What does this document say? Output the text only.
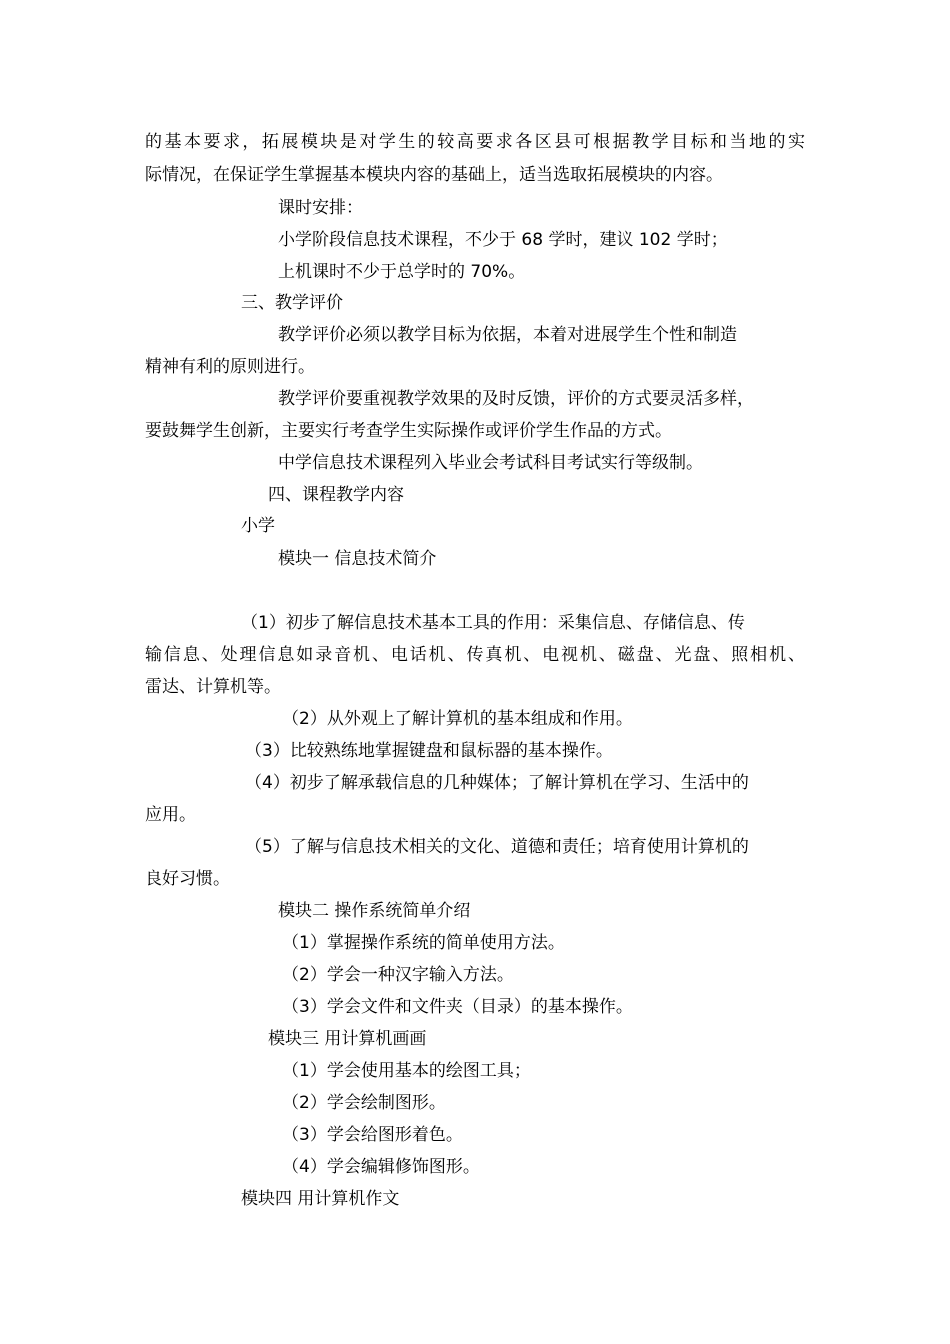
的基本要求，拓展模块是对学生的较高要求各区县可根据教学目标和当地的实
际情况，在保证学生掌握基本模块内容的基础上，适当选取拓展模块的内容。
课时安排：
小学阶段信息技术课程，不少于 68 学时，建议 102 学时；
上机课时不少于总学时的 70%。
三、教学评价
教学评价必须以教学目标为依据，本着对进展学生个性和制造
精神有利的原则进行。
教学评价要重视教学效果的及时反馈，评价的方式要灵活多样，
要鼓舞学生创新，主要实行考查学生实际操作或评价学生作品的方式。
中学信息技术课程列入毕业会考试科目考试实行等级制。
四、课程教学内容
小学
模块一 信息技术简介
（1）初步了解信息技术基本工具的作用：采集信息、存储信息、传
输信息、处理信息如录音机、电话机、传真机、电视机、磁盘、光盘、照相机、
雷达、计算机等。
（2）从外观上了解计算机的基本组成和作用。
（3）比较熟练地掌握键盘和鼠标器的基本操作。
（4）初步了解承载信息的几种媒体；了解计算机在学习、生活中的
应用。
（5）了解与信息技术相关的文化、道德和责任；培育使用计算机的
良好习惯。
模块二 操作系统简单介绍
（1）掌握操作系统的简单使用方法。
（2）学会一种汉字输入方法。
（3）学会文件和文件夹（目录）的基本操作。
模块三 用计算机画画
（1）学会使用基本的绘图工具；
（2）学会绘制图形。
（3）学会给图形着色。
（4）学会编辑修饰图形。
模块四 用计算机作文
